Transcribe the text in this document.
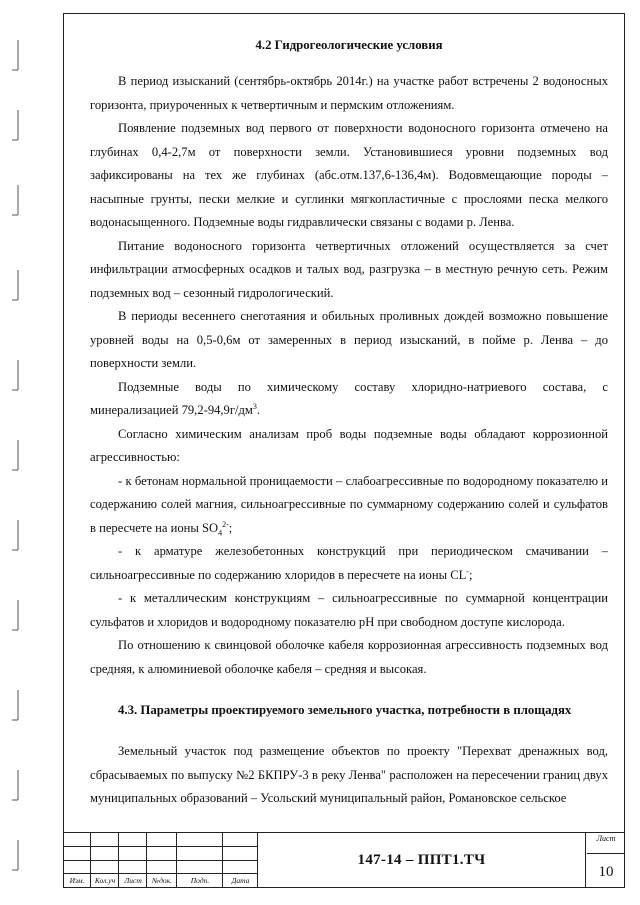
4.2 Гидрогеологические условия

В период изысканий (сентябрь-октябрь 2014г.) на участке работ встречены 2 водоносных горизонта, приуроченных к четвертичным и пермским отложениям.

Появление подземных вод первого от поверхности водоносного горизонта отмечено на глубинах 0,4-2,7м от поверхности земли. Установившиеся уровни подземных вод зафиксированы на тех же глубинах (абс.отм.137,6-136,4м). Водовмещающие породы – насыпные грунты, пески мелкие и суглинки мягкопластичные с прослоями песка мелкого водонасыщенного. Подземные воды гидравлически связаны с водами р. Ленва.

Питание водоносного горизонта четвертичных отложений осуществляется за счет инфильтрации атмосферных осадков и талых вод, разгрузка – в местную речную сеть. Режим подземных вод – сезонный гидрологический.

В периоды весеннего снеготаяния и обильных проливных дождей возможно повышение уровней воды на 0,5-0,6м от замеренных в период изысканий, в пойме р. Ленва – до поверхности земли.

Подземные воды по химическому составу хлоридно-натриевого состава, с минерализацией $79,2-94,9г/дм^3$.

Согласно химическим анализам проб воды подземные воды обладают коррозионной агрессивностью:

- к бетонам нормальной проницаемости – слабоагрессивные по водородному показателю и содержанию солей магния, сильноагрессивные по суммарному содержанию солей и сульфатов в пересчете на ионы $SO_4^{2-}$;

- к арматуре железобетонных конструкций при периодическом смачивании – сильноагрессивные по содержанию хлоридов в пересчете на ионы CL-;

- к металлическим конструкциям – сильноагрессивные по суммарной концентрации сульфатов и хлоридов и водородному показателю pH при свободном доступе кислорода.

По отношению к свинцовой оболочке кабеля коррозионная агрессивность подземных вод средняя, к алюминиевой оболочке кабеля – средняя и высокая.

4.3. Параметры проектируемого земельного участка, потребности в площадях

Земельный участок под размещение объектов по проекту "Перехват дренажных вод, сбрасываемых по выпуску №2 БКПРУ-3 в реку Ленва" расположен на пересечении границ двух муниципальных образований – Усольский муниципальный район, Романовское сельское

Изм.	Кол.уч	Лист	№док.	Подп.	Дата
147-14 – ППТ1.ТЧ
Лист
10
